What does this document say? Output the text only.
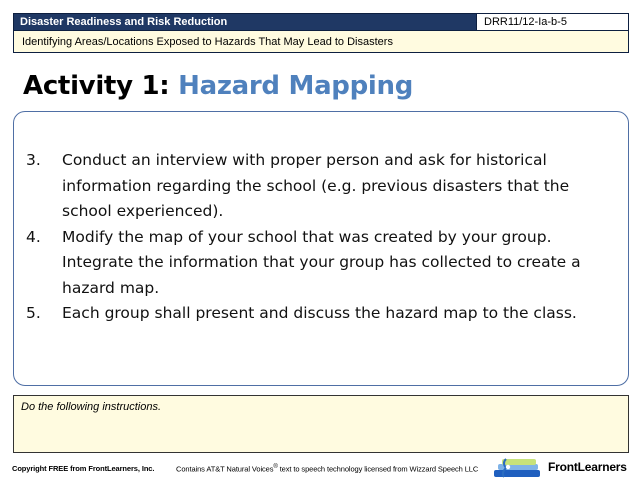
Disaster Readiness and Risk Reduction	DRR11/12-Ia-b-5
Identifying Areas/Locations Exposed to Hazards That May Lead to Disasters
Activity 1: Hazard Mapping
3. Conduct an interview with proper person and ask for historical information regarding the school (e.g. previous disasters that the school experienced).
4. Modify the map of your school that was created by your group. Integrate the information that your group has collected to create a hazard map.
5. Each group shall present and discuss the hazard map to the class.
Do the following instructions.
Copyright FREE from FrontLearners, Inc.	Contains AT&T Natural Voices® text to speech technology licensed from Wizzard Speech LLC	FrontLearners
